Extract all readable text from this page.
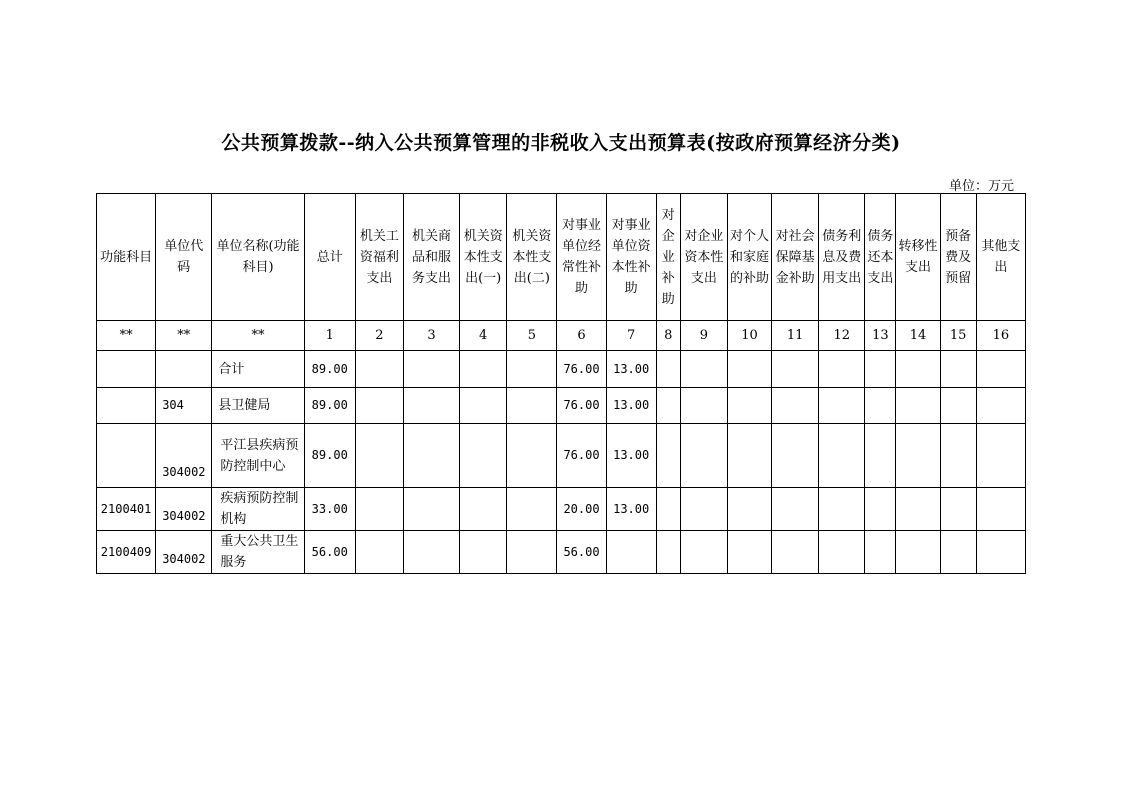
公共预算拨款--纳入公共预算管理的非税收入支出预算表(按政府预算经济分类)
单位：万元
功能科目	单位代码	单位名称(功能科目)	总计	机关工资福利支出	机关商品和服务支出	机关资本性支出(一)	机关资本性支出(二)	对事业单位经常性补助	对事业单位资本性补助	对企业补助	对企业资本性支出	对个人和家庭的补助	对社会保障基金补助	债务利息及费用支出	债务还本支出	转移性支出	预备费及预留	其他支出
**	**	**	1	2	3	4	5	6	7	8	9	10	11	12	13	14	15	16
		合计	89.00					76.00	13.00									
	304	县卫健局	89.00					76.00	13.00									
	304002	平江县疾病预防控制中心	89.00					76.00	13.00									
2100401	304002	疾病预防控制机构	33.00					20.00	13.00									
2100409	304002	重大公共卫生服务	56.00					56.00										
